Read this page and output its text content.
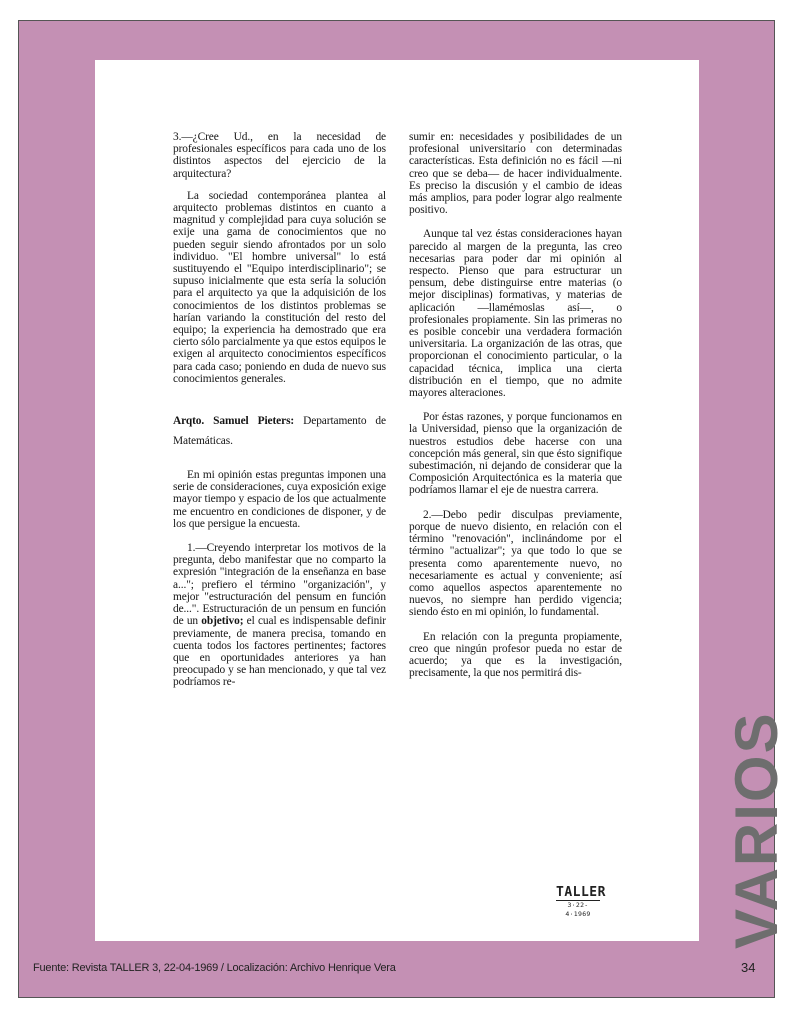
3.—¿Cree Ud., en la necesidad de profesionales específicos para cada uno de los distintos aspectos del ejercicio de la arquitectura?

La sociedad contemporánea plantea al arquitecto problemas distintos en cuanto a magnitud y complejidad para cuya solución se exije una gama de conocimientos que no pueden seguir siendo afrontados por un solo individuo. "El hombre universal" lo está sustituyendo el "Equipo interdisciplinario"; se supuso inicialmente que esta sería la solución para el arquitecto ya que la adquisición de los conocimientos de los distintos problemas se harían variando la constitución del resto del equipo; la experiencia ha demostrado que era cierto sólo parcialmente ya que estos equipos le exigen al arquitecto conocimientos específicos para cada caso; poniendo en duda de nuevo sus conocimientos generales.

Arqto. Samuel Pieters: Departamento de Matemáticas.

En mi opinión estas preguntas imponen una serie de consideraciones, cuya exposición exige mayor tiempo y espacio de los que actualmente me encuentro en condiciones de disponer, y de los que persigue la encuesta.

1.—Creyendo interpretar los motivos de la pregunta, debo manifestar que no comparto la expresión "integración de la enseñanza en base a..."; prefiero el término "organización", y mejor "estructuración del pensum en función de...". Estructuración de un pensum en función de un objetivo; el cual es indispensable definir previamente, de manera precisa, tomando en cuenta todos los factores pertinentes; factores que en oportunidades anteriores ya han preocupado y se han mencionado, y que tal vez podríamos re-

sumir en: necesidades y posibilidades de un profesional universitario con determinadas características. Esta definición no es fácil —ni creo que se deba— de hacer individualmente. Es preciso la discusión y el cambio de ideas más amplios, para poder lograr algo realmente positivo.

Aunque tal vez éstas consideraciones hayan parecido al margen de la pregunta, las creo necesarias para poder dar mi opinión al respecto. Pienso que para estructurar un pensum, debe distinguirse entre materias (o mejor disciplinas) formativas, y materias de aplicación —llamémoslas así—, o profesionales propiamente. Sin las primeras no es posible concebir una verdadera formación universitaria. La organización de las otras, que proporcionan el conocimiento particular, o la capacidad técnica, implica una cierta distribución en el tiempo, que no admite mayores alteraciones.

Por éstas razones, y porque funcionamos en la Universidad, pienso que la organización de nuestros estudios debe hacerse con una concepción más general, sin que ésto signifique subestimación, ni dejando de considerar que la Composición Arquitectónica es la materia que podríamos llamar el eje de nuestra carrera.

2.—Debo pedir disculpas previamente, porque de nuevo disiento, en relación con el término "renovación", inclinándome por el término "actualizar"; ya que todo lo que se presenta como aparentemente nuevo, no necesariamente es actual y conveniente; así como aquellos aspectos aparentemente no nuevos, no siempre han perdido vigencia; siendo ésto en mi opinión, lo fundamental.

En relación con la pregunta propiamente, creo que ningún profesor pueda no estar de acuerdo; ya que es la investigación, precisamente, la que nos permitirá dis-

TALLER
3·22-4·1969 VARIOS
Fuente: Revista TALLER 3, 22-04-1969 / Localización: Archivo Henrique Vera	34
